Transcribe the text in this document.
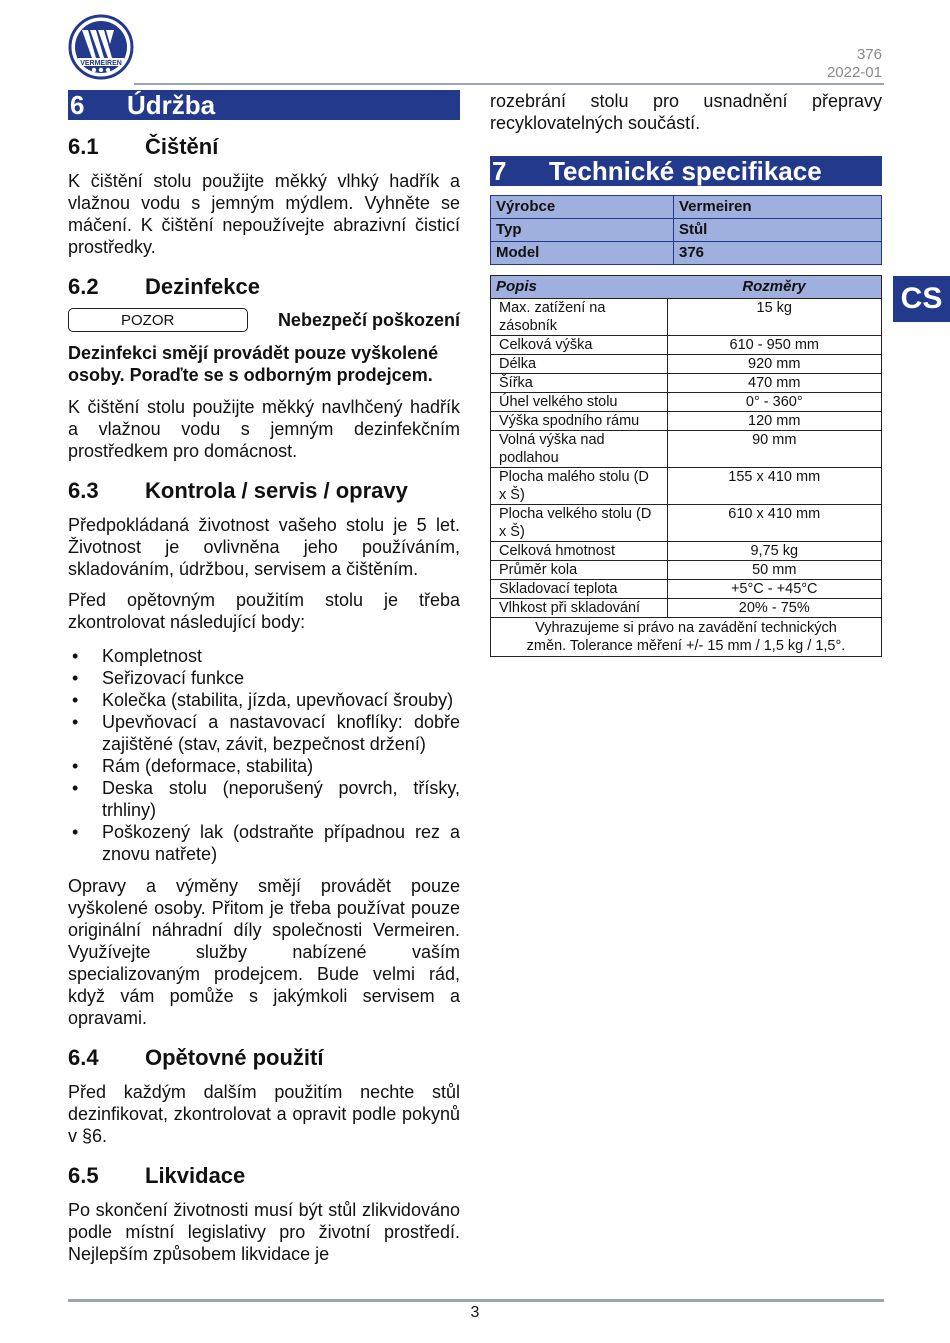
VERMEIREN
376
2022-01
CS
6	Údržba
6.1	Čištění

K čištění stolu použijte měkký vlhký hadřík a vlažnou vodu s jemným mýdlem. Vyhněte se máčení. K čištění nepoužívejte abrazivní čisticí prostředky.

6.2	Dezinfekce
POZOR	Nebezpečí poškození

Dezinfekci smějí provádět pouze vyškolené osoby. Poraďte se s odborným prodejcem.

K čištění stolu použijte měkký navlhčený hadřík a vlažnou vodu s jemným dezinfekčním prostředkem pro domácnost.

6.3	Kontrola / servis / opravy

Předpokládaná životnost vašeho stolu je 5 let. Životnost je ovlivněna jeho používáním, skladováním, údržbou, servisem a čištěním.

Před opětovným použitím stolu je třeba zkontrolovat následující body:

• Kompletnost
• Seřizovací funkce
• Kolečka (stabilita, jízda, upevňovací šrouby)
• Upevňovací a nastavovací knoflíky: dobře zajištěné (stav, závit, bezpečnost držení)
• Rám (deformace, stabilita)
• Deska stolu (neporušený povrch, třísky, trhliny)
• Poškozený lak (odstraňte případnou rez a znovu natřete)

Opravy a výměny smějí provádět pouze vyškolené osoby. Přitom je třeba používat pouze originální náhradní díly společnosti Vermeiren. Využívejte služby nabízené vaším specializovaným prodejcem. Bude velmi rád, když vám pomůže s jakýmkoli servisem a opravami.

6.4	Opětovné použití

Před každým dalším použitím nechte stůl dezinfikovat, zkontrolovat a opravit podle pokynů v §6.

6.5	Likvidace

Po skončení životnosti musí být stůl zlikvidováno podle místní legislativy pro životní prostředí. Nejlepším způsobem likvidace je

rozebrání stolu pro usnadnění přepravy recyklovatelných součástí.

7	Technické specifikace
Výrobce	Vermeiren
Typ	Stůl
Model	376
Popis	Rozměry
Max. zatížení na zásobník	15 kg
Celková výška	610 - 950 mm
Délka	920 mm
Šířka	470 mm
Úhel velkého stolu	0° - 360°
Výška spodního rámu	120 mm
Volná výška nad podlahou	90 mm
Plocha malého stolu (D x Š)	155 x 410 mm
Plocha velkého stolu (D x Š)	610 x 410 mm
Celková hmotnost	9,75 kg
Průměr kola	50 mm
Skladovací teplota	+5°C - +45°C
Vlhkost při skladování	20% - 75%
Vyhrazujeme si právo na zavádění technických změn. Tolerance měření +/- 15 mm / 1,5 kg / 1,5°.	
3
